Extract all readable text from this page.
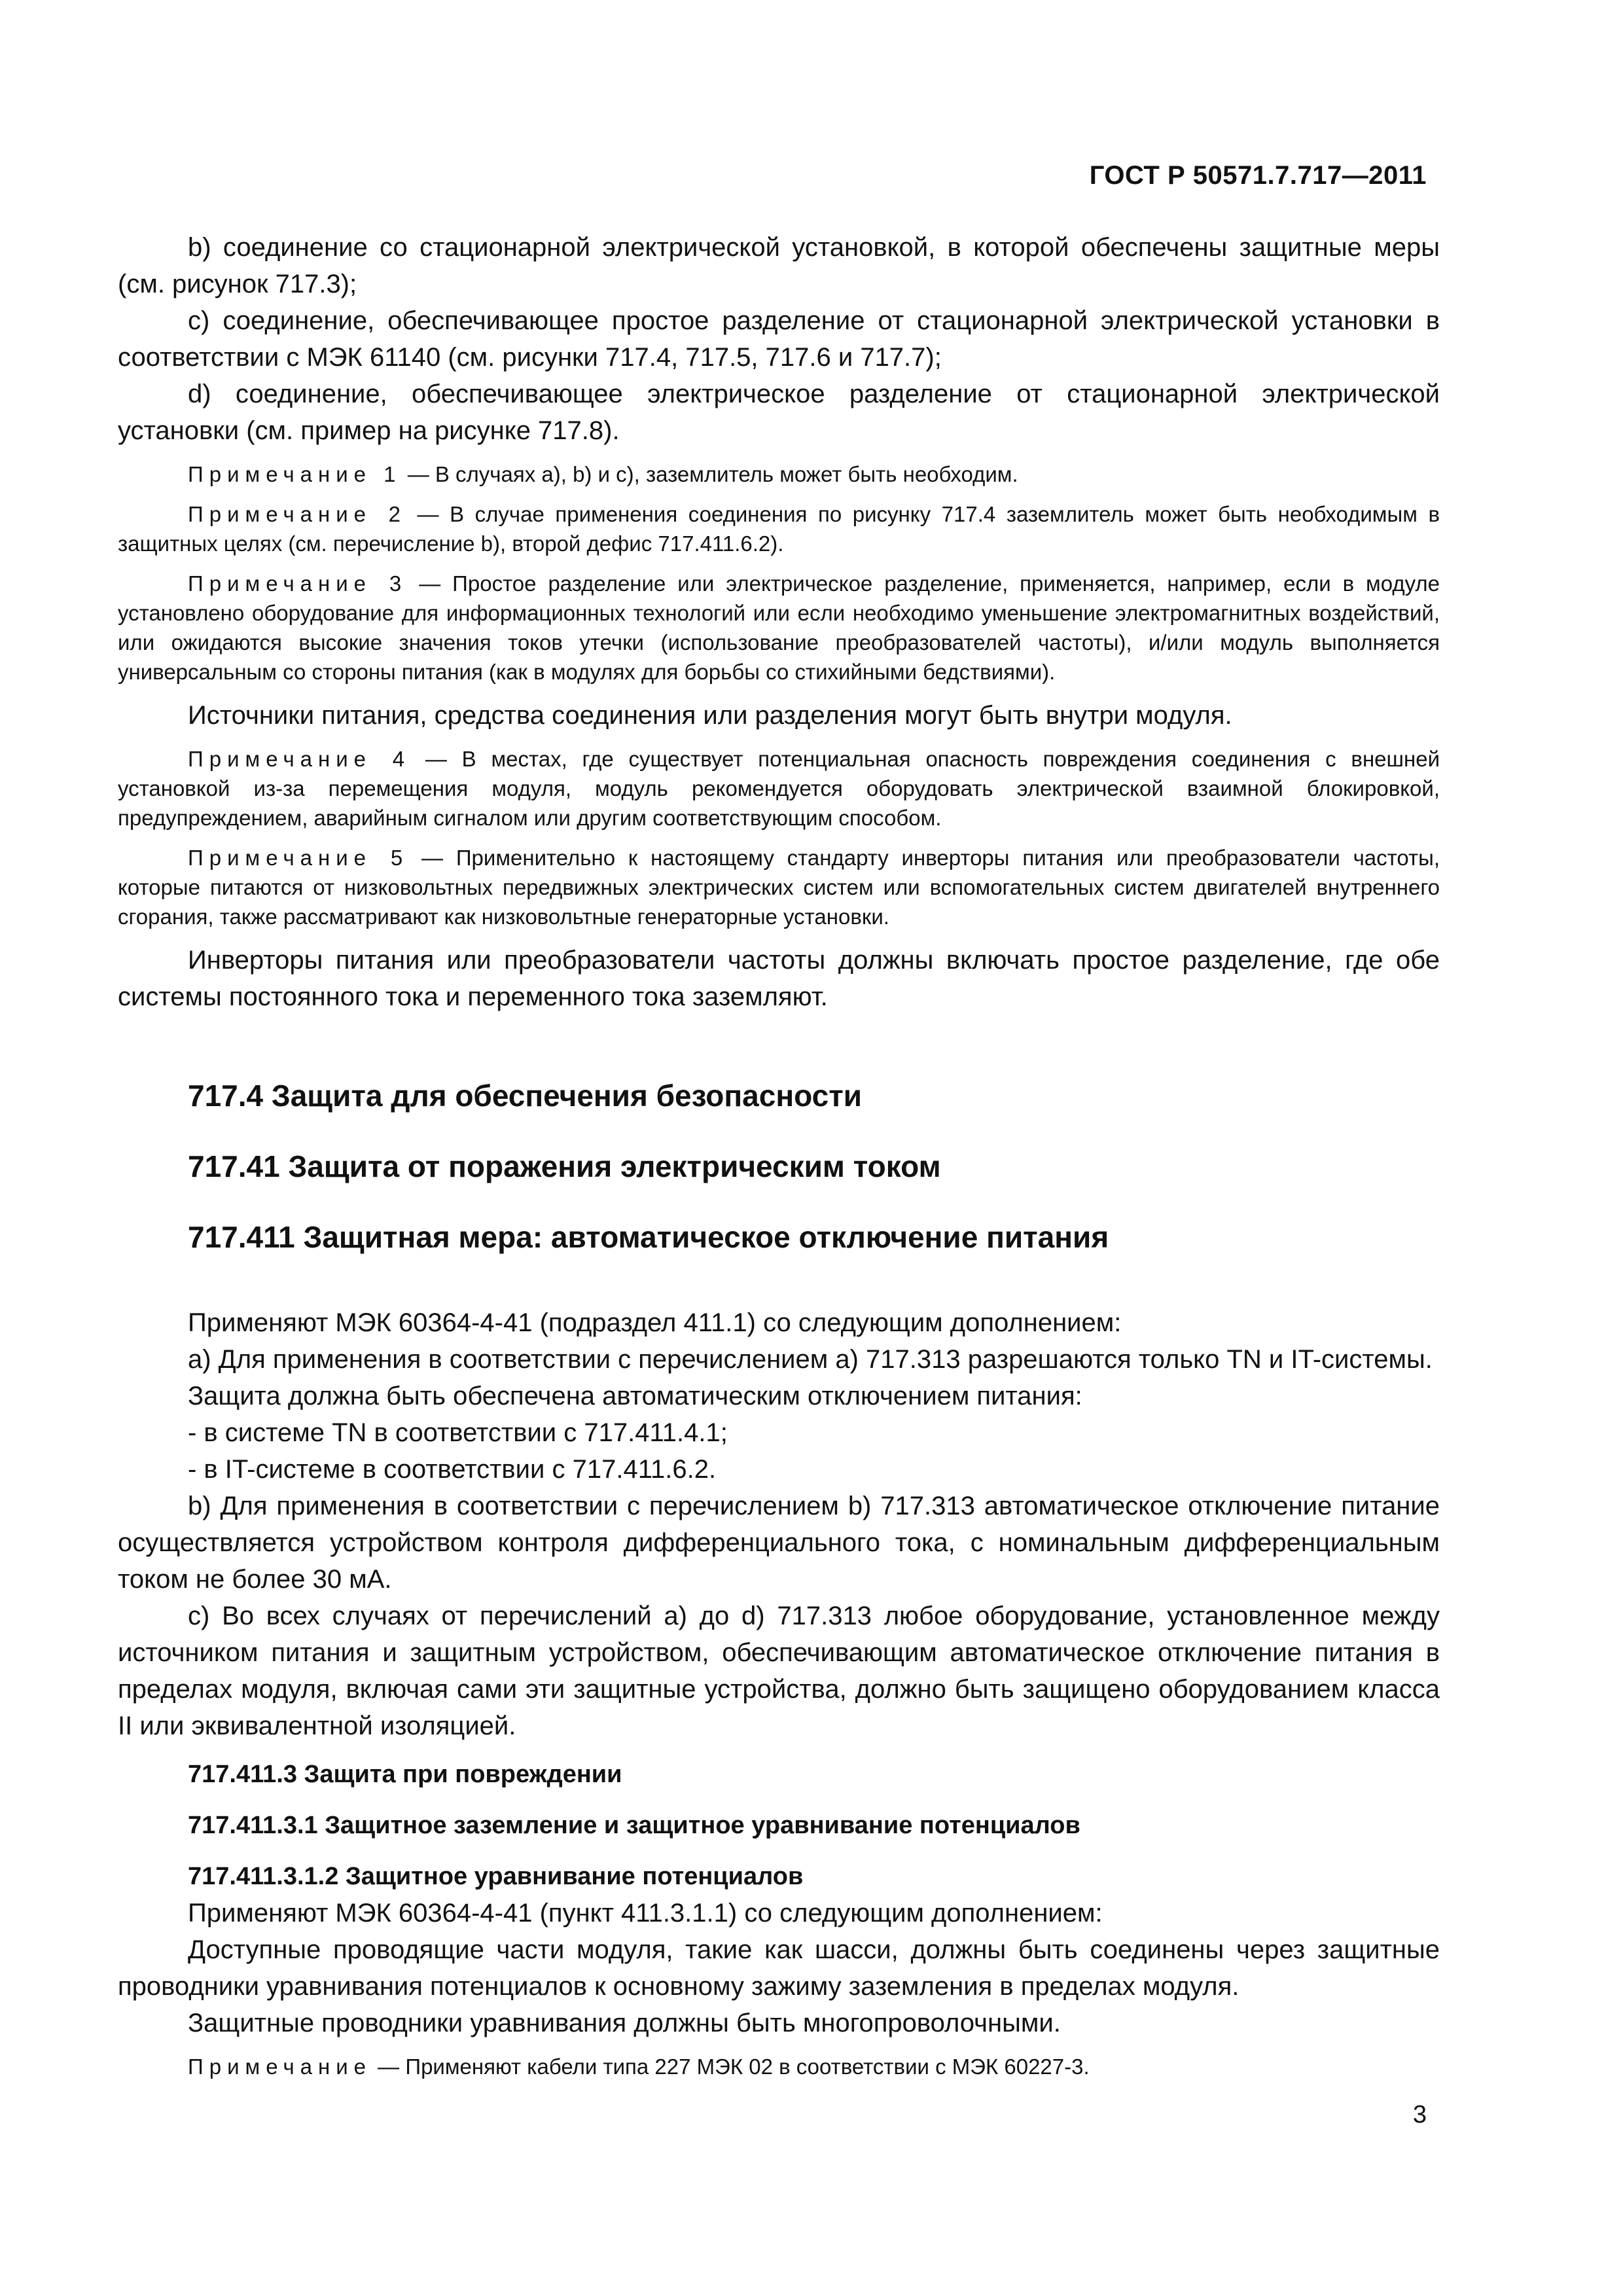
ГОСТ Р 50571.7.717—2011

b) соединение со стационарной электрической установкой, в которой обеспечены защитные меры (см. рисунок 717.3);

c) соединение, обеспечивающее простое разделение от стационарной электрической установки в соответствии с МЭК 61140 (см. рисунки 717.4, 717.5, 717.6 и 717.7);

d) соединение, обеспечивающее электрическое разделение от стационарной электрической установки (см. пример на рисунке 717.8).

Примечание 1 — В случаях a), b) и c), заземлитель может быть необходим.

Примечание 2 — В случае применения соединения по рисунку 717.4 заземлитель может быть необходимым в защитных целях (см. перечисление b), второй дефис 717.411.6.2).

Примечание 3 — Простое разделение или электрическое разделение, применяется, например, если в модуле установлено оборудование для информационных технологий или если необходимо уменьшение электромагнитных воздействий, или ожидаются высокие значения токов утечки (использование преобразователей частоты), и/или модуль выполняется универсальным со стороны питания (как в модулях для борьбы со стихийными бедствиями).

Источники питания, средства соединения или разделения могут быть внутри модуля.

Примечание 4 — В местах, где существует потенциальная опасность повреждения соединения с внешней установкой из-за перемещения модуля, модуль рекомендуется оборудовать электрической взаимной блокировкой, предупреждением, аварийным сигналом или другим соответствующим способом.

Примечание 5 — Применительно к настоящему стандарту инверторы питания или преобразователи частоты, которые питаются от низковольтных передвижных электрических систем или вспомогательных систем двигателей внутреннего сгорания, также рассматривают как низковольтные генераторные установки.

Инверторы питания или преобразователи частоты должны включать простое разделение, где обе системы постоянного тока и переменного тока заземляют.

717.4 Защита для обеспечения безопасности
717.41 Защита от поражения электрическим током
717.411 Защитная мера: автоматическое отключение питания

Применяют МЭК 60364-4-41 (подраздел 411.1) со следующим дополнением:

а) Для применения в соответствии с перечислением а) 717.313 разрешаются только TN и IT-системы.

Защита должна быть обеспечена автоматическим отключением питания:

- в системе TN в соответствии с 717.411.4.1;

- в IT-системе в соответствии с 717.411.6.2.

b) Для применения в соответствии с перечислением b) 717.313 автоматическое отключение питание осуществляется устройством контроля дифференциального тока, с номинальным дифференциальным током не более 30 мА.

с) Во всех случаях от перечислений а) до d) 717.313 любое оборудование, установленное между источником питания и защитным устройством, обеспечивающим автоматическое отключение питания в пределах модуля, включая сами эти защитные устройства, должно быть защищено оборудованием класса II или эквивалентной изоляцией.

717.411.3 Защита при повреждении
717.411.3.1 Защитное заземление и защитное уравнивание потенциалов
717.411.3.1.2 Защитное уравнивание потенциалов

Применяют МЭК 60364-4-41 (пункт 411.3.1.1) со следующим дополнением:

Доступные проводящие части модуля, такие как шасси, должны быть соединены через защитные проводники уравнивания потенциалов к основному зажиму заземления в пределах модуля.

Защитные проводники уравнивания должны быть многопроволочными.

Примечание — Применяют кабели типа 227 МЭК 02 в соответствии с МЭК 60227-3.

3
